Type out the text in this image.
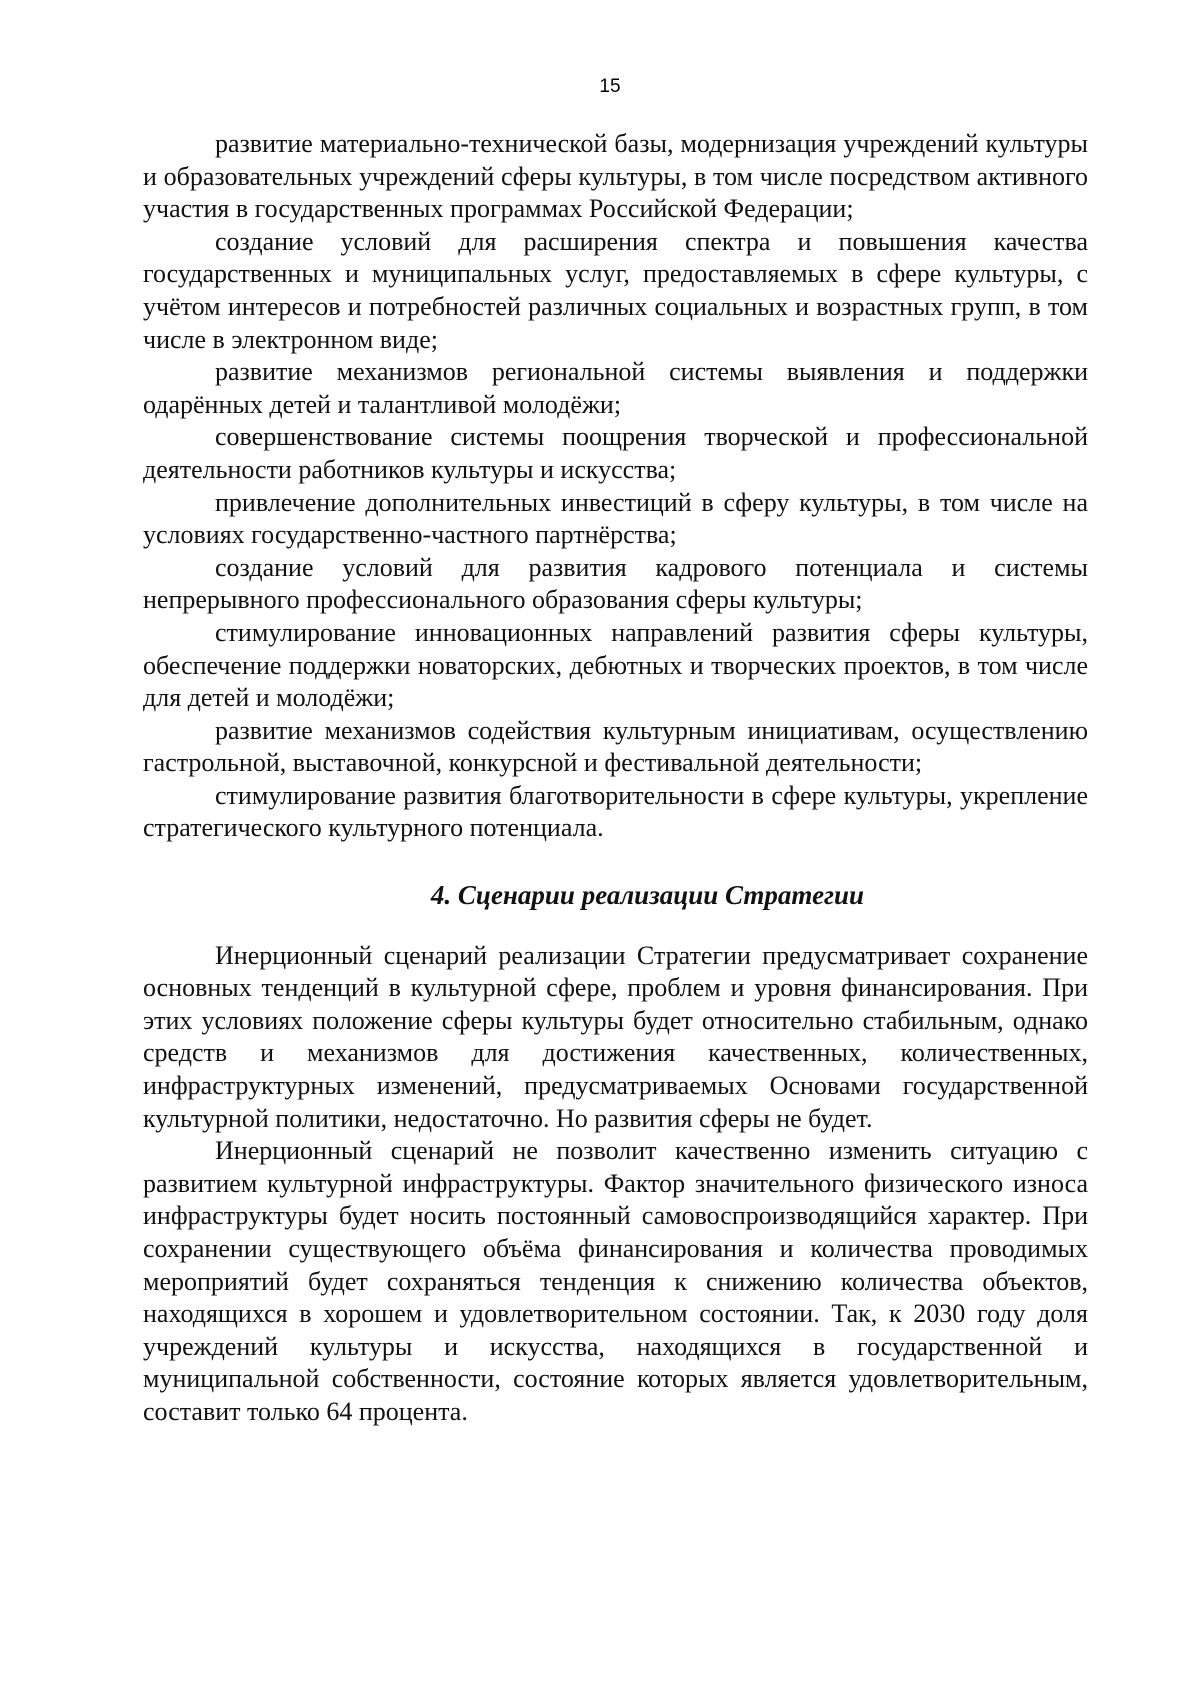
15

развитие материально-технической базы, модернизация учреждений культуры и образовательных учреждений сферы культуры, в том числе посредством активного участия в государственных программах Российской Федерации;

создание условий для расширения спектра и повышения качества государственных и муниципальных услуг, предоставляемых в сфере культуры, с учётом интересов и потребностей различных социальных и возрастных групп, в том числе в электронном виде;

развитие механизмов региональной системы выявления и поддержки одарённых детей и талантливой молодёжи;

совершенствование системы поощрения творческой и профессиональной деятельности работников культуры и искусства;

привлечение дополнительных инвестиций в сферу культуры, в том числе на условиях государственно-частного партнёрства;

создание условий для развития кадрового потенциала и системы непрерывного профессионального образования сферы культуры;

стимулирование инновационных направлений развития сферы культуры, обеспечение поддержки новаторских, дебютных и творческих проектов, в том числе для детей и молодёжи;

развитие механизмов содействия культурным инициативам, осуществлению гастрольной, выставочной, конкурсной и фестивальной деятельности;

стимулирование развития благотворительности в сфере культуры, укрепление стратегического культурного потенциала.

4. Сценарии реализации Стратегии

Инерционный сценарий реализации Стратегии предусматривает сохранение основных тенденций в культурной сфере, проблем и уровня финансирования. При этих условиях положение сферы культуры будет относительно стабильным, однако средств и механизмов для достижения качественных, количественных, инфраструктурных изменений, предусматриваемых Основами государственной культурной политики, недостаточно. Но развития сферы не будет.

Инерционный сценарий не позволит качественно изменить ситуацию с развитием культурной инфраструктуры. Фактор значительного физического износа инфраструктуры будет носить постоянный самовоспроизводящийся характер. При сохранении существующего объёма финансирования и количества проводимых мероприятий будет сохраняться тенденция к снижению количества объектов, находящихся в хорошем и удовлетворительном состоянии. Так, к 2030 году доля учреждений культуры и искусства, находящихся в государственной и муниципальной собственности, состояние которых является удовлетворительным, составит только 64 процента.
